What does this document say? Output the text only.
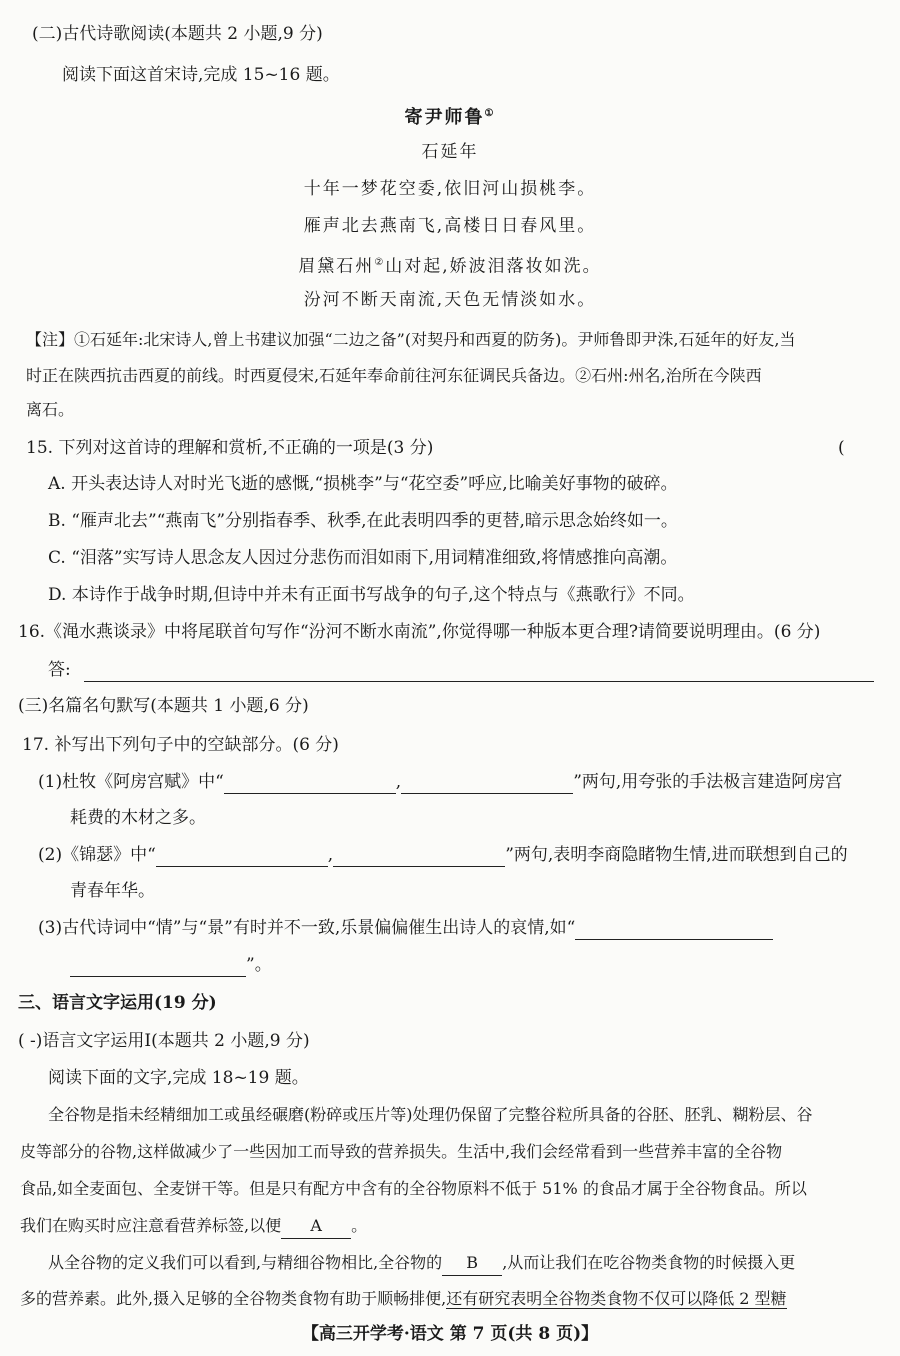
(二)古代诗歌阅读(本题共 2 小题,9 分)
阅读下面这首宋诗,完成 15~16 题。
寄尹师鲁①
石延年
十年一梦花空委,依旧河山损桃李。
雁声北去燕南飞,高楼日日春风里。
眉黛石州②山对起,娇波泪落妆如洗。
汾河不断天南流,天色无情淡如水。
【注】①石延年:北宋诗人,曾上书建议加强“二边之备”(对契丹和西夏的防务)。尹师鲁即尹洙,石延年的好友,当
时正在陕西抗击西夏的前线。时西夏侵宋,石延年奉命前往河东征调民兵备边。②石州:州名,治所在今陕西
离石。
15. 下列对这首诗的理解和赏析,不正确的一项是(3 分)	(
A. 开头表达诗人对时光飞逝的感慨,“损桃李”与“花空委”呼应,比喻美好事物的破碎。
B. “雁声北去”“燕南飞”分别指春季、秋季,在此表明四季的更替,暗示思念始终如一。
C. “泪落”实写诗人思念友人因过分悲伤而泪如雨下,用词精准细致,将情感推向高潮。
D. 本诗作于战争时期,但诗中并未有正面书写战争的句子,这个特点与《燕歌行》不同。
16.《渑水燕谈录》中将尾联首句写作“汾河不断水南流”,你觉得哪一种版本更合理?请简要说明理由。(6 分)
答:
(三)名篇名句默写(本题共 1 小题,6 分)
17. 补写出下列句子中的空缺部分。(6 分)
(1)杜牧《阿房宫赋》中“	,	”两句,用夸张的手法极言建造阿房宫
耗费的木材之多。
(2)《锦瑟》中“	,	”两句,表明李商隐睹物生情,进而联想到自己的
青春年华。
(3)古代诗词中“情”与“景”有时并不一致,乐景偏偏催生出诗人的哀情,如“
”。
三、语言文字运用(19 分)
( -)语言文字运用Ⅰ(本题共 2 小题,9 分)
阅读下面的文字,完成 18~19 题。
全谷物是指未经精细加工或虽经碾磨(粉碎或压片等)处理仍保留了完整谷粒所具备的谷胚、胚乳、糊粉层、谷
皮等部分的谷物,这样做减少了一些因加工而导致的营养损失。生活中,我们会经常看到一些营养丰富的全谷物
食品,如全麦面包、全麦饼干等。但是只有配方中含有的全谷物原料不低于 51% 的食品才属于全谷物食品。所以
我们在购买时应注意看营养标签,以便 A 。
从全谷物的定义我们可以看到,与精细谷物相比,全谷物的 B ,从而让我们在吃谷物类食物的时候摄入更
多的营养素。此外,摄入足够的全谷物类食物有助于顺畅排便,还有研究表明全谷物类食物不仅可以降低 2 型糖
【高三开学考·语文 第 7 页(共 8 页)】
